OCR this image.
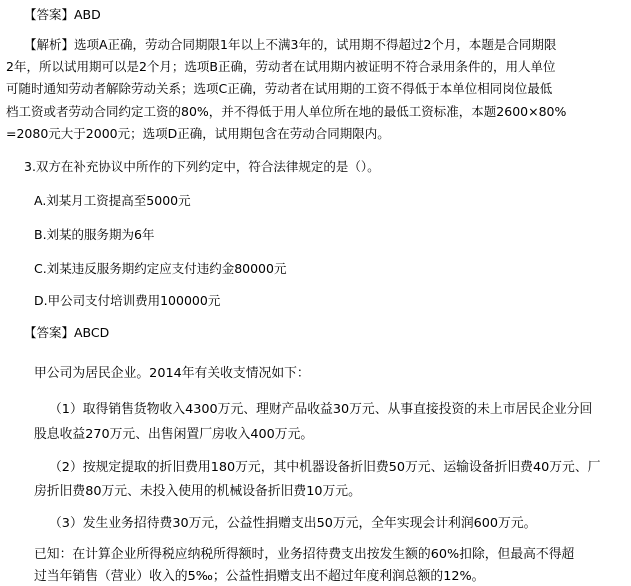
【答案】ABD
【解析】选项A正确，劳动合同期限1年以上不满3年的，试用期不得超过2个月，本题是合同期限
2年，所以试用期可以是2个月；选项B正确，劳动者在试用期内被证明不符合录用条件的，用人单位
可随时通知劳动者解除劳动关系；选项C正确，劳动者在试用期的工资不得低于本单位相同岗位最低
档工资或者劳动合同约定工资的80%，并不得低于用人单位所在地的最低工资标准，本题2600×80%
=2080元大于2000元；选项D正确，试用期包含在劳动合同期限内。
3.双方在补充协议中所作的下列约定中，符合法律规定的是（）。
A.刘某月工资提高至5000元
B.刘某的服务期为6年
C.刘某违反服务期约定应支付违约金80000元
D.甲公司支付培训费用100000元
【答案】ABCD
甲公司为居民企业。2014年有关收支情况如下：
（1）取得销售货物收入4300万元、理财产品收益30万元、从事直接投资的未上市居民企业分回
股息收益270万元、出售闲置厂房收入400万元。
（2）按规定提取的折旧费用180万元，其中机器设备折旧费50万元、运输设备折旧费40万元、厂
房折旧费80万元、未投入使用的机械设备折旧费10万元。
（3）发生业务招待费30万元，公益性捐赠支出50万元，全年实现会计利润600万元。
已知：在计算企业所得税应纳税所得额时，业务招待费支出按发生额的60%扣除，但最高不得超
过当年销售（营业）收入的5‰；公益性捐赠支出不超过年度利润总额的12%。
